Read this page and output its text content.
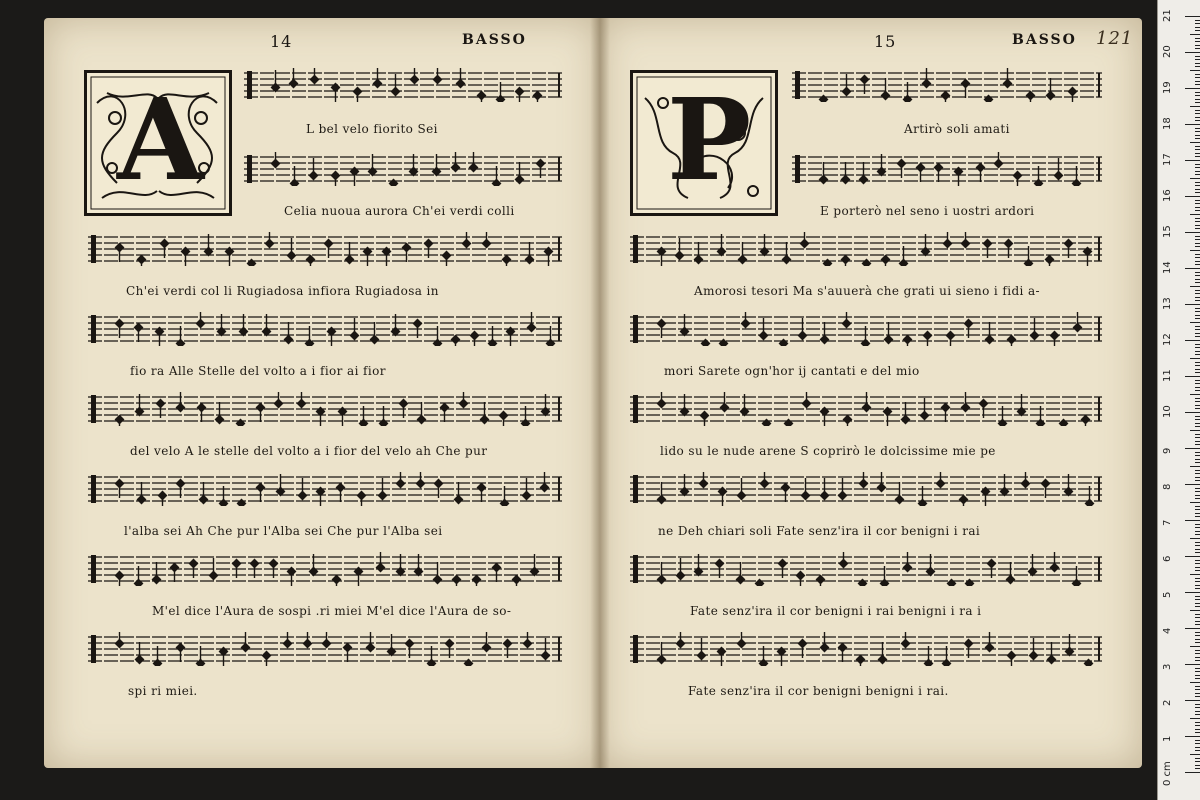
14	BASSO
A
15	BASSO 121
P
L bel velo fiorito Sei
Celia nuoua aurora Ch'ei verdi colli
Ch'ei verdi col li Rugiadosa infiora Rugiadosa in
fio ra Alle Stelle del volto a i fior ai fior
del velo A le stelle del volto a i fior del velo ah Che pur
l'alba sei Ah Che pur l'Alba sei Che pur l'Alba sei
M'el dice l'Aura de sospi .ri miei M'el dice l'Aura de so-
spi ri miei.
Artirò soli amati
E porterò nel seno i uostri ardori
Amorosi tesori Ma s'auuerà che grati ui sieno i fidi a-
mori Sarete ogn'hor ij cantati e del mio
lido su le nude arene S coprirò le dolcissime mie pe
ne Deh chiari soli Fate senz'ira il cor benigni i rai
Fate senz'ira il cor benigni i rai benigni i ra i
Fate senz'ira il cor benigni benigni i rai.
0 cm
1
2
3
4
5
6
7
8
9
10
11
12
13
14
15
16
17
18
19
20
21
